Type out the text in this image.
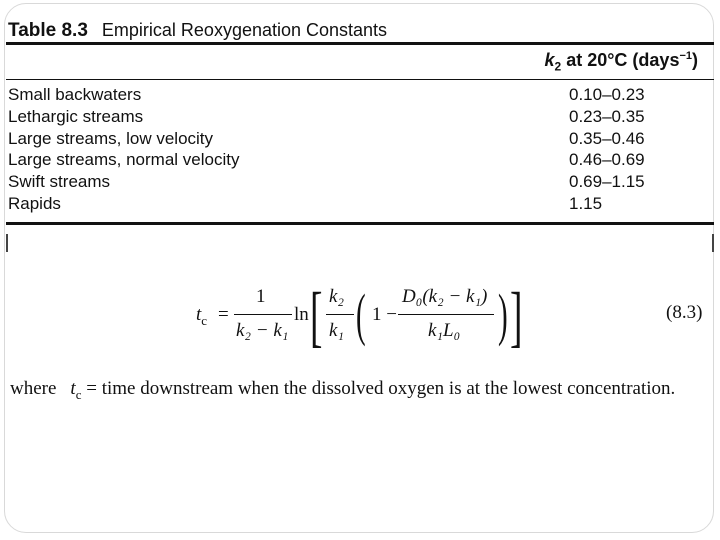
Table 8.3 Empirical Reoxygenation Constants
$k_2$ at 20°C (days$^{-1}$)
Small backwaters	0.10–0.23
Lethargic streams	0.23–0.35
Large streams, low velocity	0.35–0.46
Large streams, normal velocity	0.46–0.69
Swift streams	0.69–1.15
Rapids	1.15
$t_c$ =
1
k₂ − k₁
ln [ k₂
k₁ ( 1 −
D₀(k₂ − k₁)
k₁L₀ ) ]	(8.3)
where $t_c$ = time downstream when the dissolved oxygen is at the lowest concentration.
